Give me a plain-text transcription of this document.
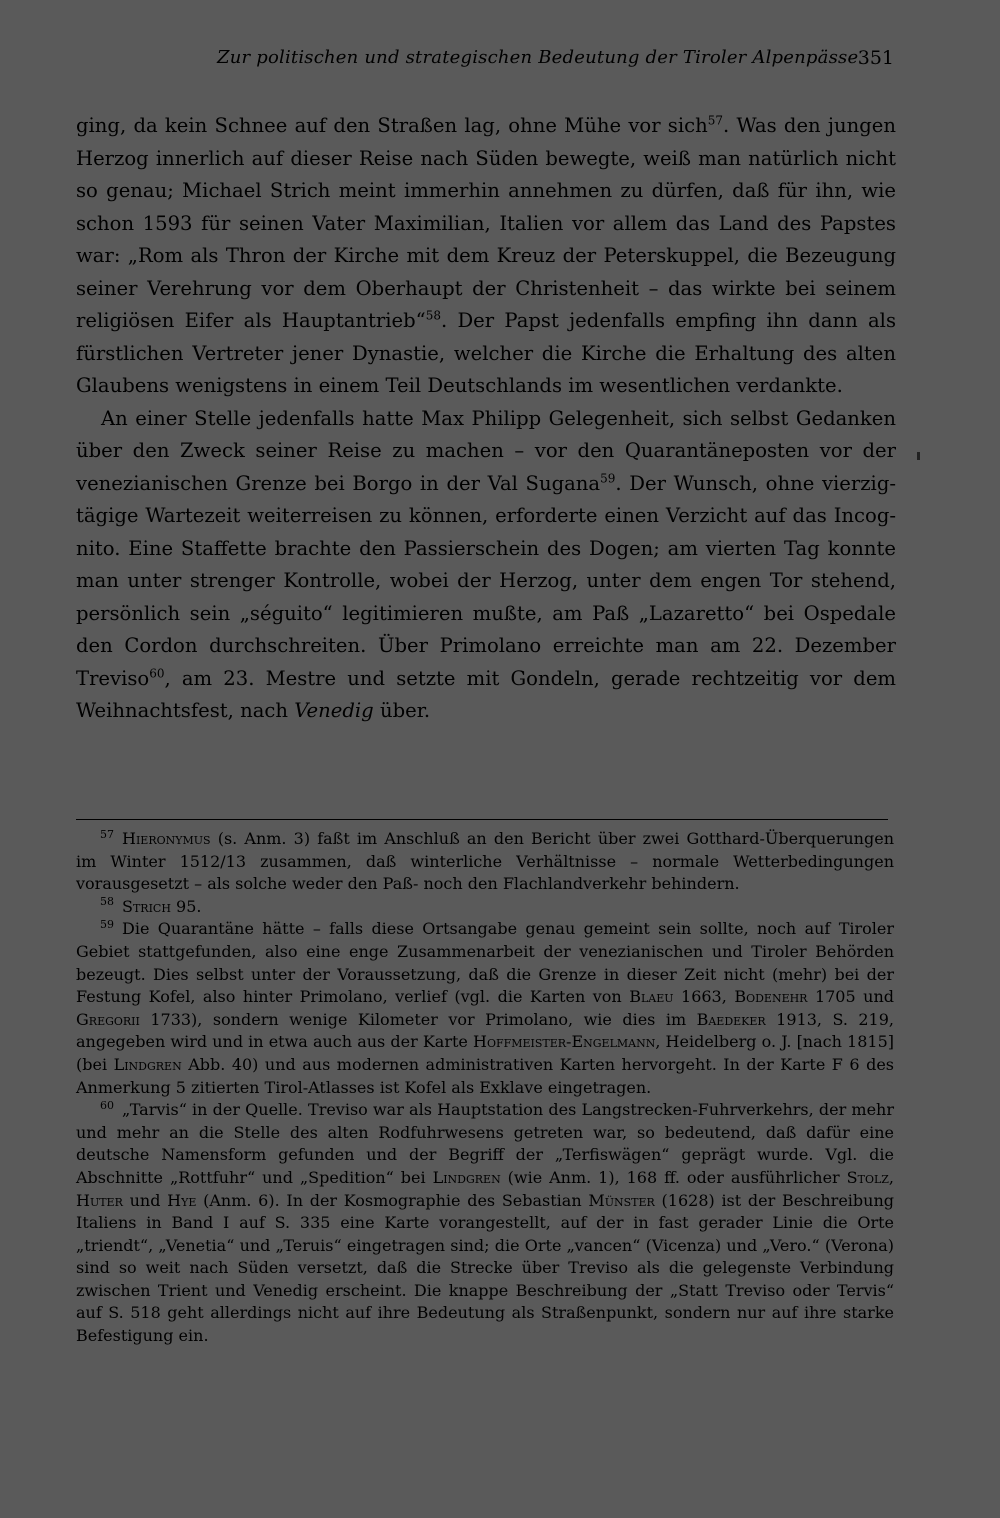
Zur politischen und strategischen Bedeutung der Tiroler Alpenpässe 351

ging, da kein Schnee auf den Straßen lag, ohne Mühe vor sich$^{57}$. Was den jungen Herzog innerlich auf dieser Reise nach Süden bewegte, weiß man natürlich nicht so genau; Michael Strich meint immerhin annehmen zu dürfen, daß für ihn, wie schon 1593 für seinen Vater Maximilian, Italien vor allem das Land des Papstes war: „Rom als Thron der Kirche mit dem Kreuz der Peterskuppel, die Bezeugung seiner Verehrung vor dem Oberhaupt der Christenheit – das wirkte bei seinem religiösen Eifer als Hauptantrieb“$^{58}$. Der Papst jedenfalls empfing ihn dann als fürstlichen Vertreter jener Dynastie, welcher die Kirche die Erhaltung des alten Glaubens wenigstens in einem Teil Deutschlands im wesentlichen verdankte.

An einer Stelle jedenfalls hatte Max Philipp Gelegenheit, sich selbst Gedanken über den Zweck seiner Reise zu machen – vor den Quarantäneposten vor der venezianischen Grenze bei Borgo in der Val Sugana$^{59}$. Der Wunsch, ohne vierzigtägige Wartezeit weiterreisen zu können, erforderte einen Verzicht auf das Incognito. Eine Staffette brachte den Passierschein des Dogen; am vierten Tag konnte man unter strenger Kontrolle, wobei der Herzog, unter dem engen Tor stehend, persönlich sein „séguito“ legitimieren mußte, am Paß „Lazaretto“ bei Ospedale den Cordon durchschreiten. Über Primolano erreichte man am 22. Dezember Treviso$^{60}$, am 23. Mestre und setzte mit Gondeln, gerade rechtzeitig vor dem Weihnachtsfest, nach Venedig über.

$^{57}$ Hieronymus (s. Anm. 3) faßt im Anschluß an den Bericht über zwei Gotthard-Überquerungen im Winter 1512/13 zusammen, daß winterliche Verhältnisse – normale Wetterbedingungen vorausgesetzt – als solche weder den Paß- noch den Flachlandverkehr behindern.

$^{58}$ Strich 95.

$^{59}$ Die Quarantäne hätte – falls diese Ortsangabe genau gemeint sein sollte, noch auf Tiroler Gebiet stattgefunden, also eine enge Zusammenarbeit der venezianischen und Tiroler Behörden bezeugt. Dies selbst unter der Voraussetzung, daß die Grenze in dieser Zeit nicht (mehr) bei der Festung Kofel, also hinter Primolano, verlief (vgl. die Karten von Blaeu 1663, Bodenehr 1705 und Gregorii 1733), sondern wenige Kilometer vor Primolano, wie dies im Baedeker 1913, S. 219, angegeben wird und in etwa auch aus der Karte Hoffmeister-Engelmann, Heidelberg o. J. [nach 1815] (bei Lindgren Abb. 40) und aus modernen administrativen Karten hervorgeht. In der Karte F 6 des Anmerkung 5 zitierten Tirol-Atlasses ist Kofel als Exklave eingetragen.

$^{60}$ „Tarvis“ in der Quelle. Treviso war als Hauptstation des Langstrecken-Fuhrverkehrs, der mehr und mehr an die Stelle des alten Rodfuhrwesens getreten war, so bedeutend, daß dafür eine deutsche Namensform gefunden und der Begriff der „Terfiswägen“ geprägt wurde. Vgl. die Abschnitte „Rottfuhr“ und „Spedition“ bei Lindgren (wie Anm. 1), 168 ff. oder ausführlicher Stolz, Huter und Hye (Anm. 6). In der Kosmographie des Sebastian Münster (1628) ist der Beschreibung Italiens in Band I auf S. 335 eine Karte vorangestellt, auf der in fast gerader Linie die Orte „triendt“, „Venetia“ und „Teruis“ eingetragen sind; die Orte „vancen“ (Vicenza) und „Vero.“ (Verona) sind so weit nach Süden versetzt, daß die Strecke über Treviso als die gelegenste Verbindung zwischen Trient und Venedig erscheint. Die knappe Beschreibung der „Statt Treviso oder Tervis“ auf S. 518 geht allerdings nicht auf ihre Bedeutung als Straßenpunkt, sondern nur auf ihre starke Befestigung ein.
